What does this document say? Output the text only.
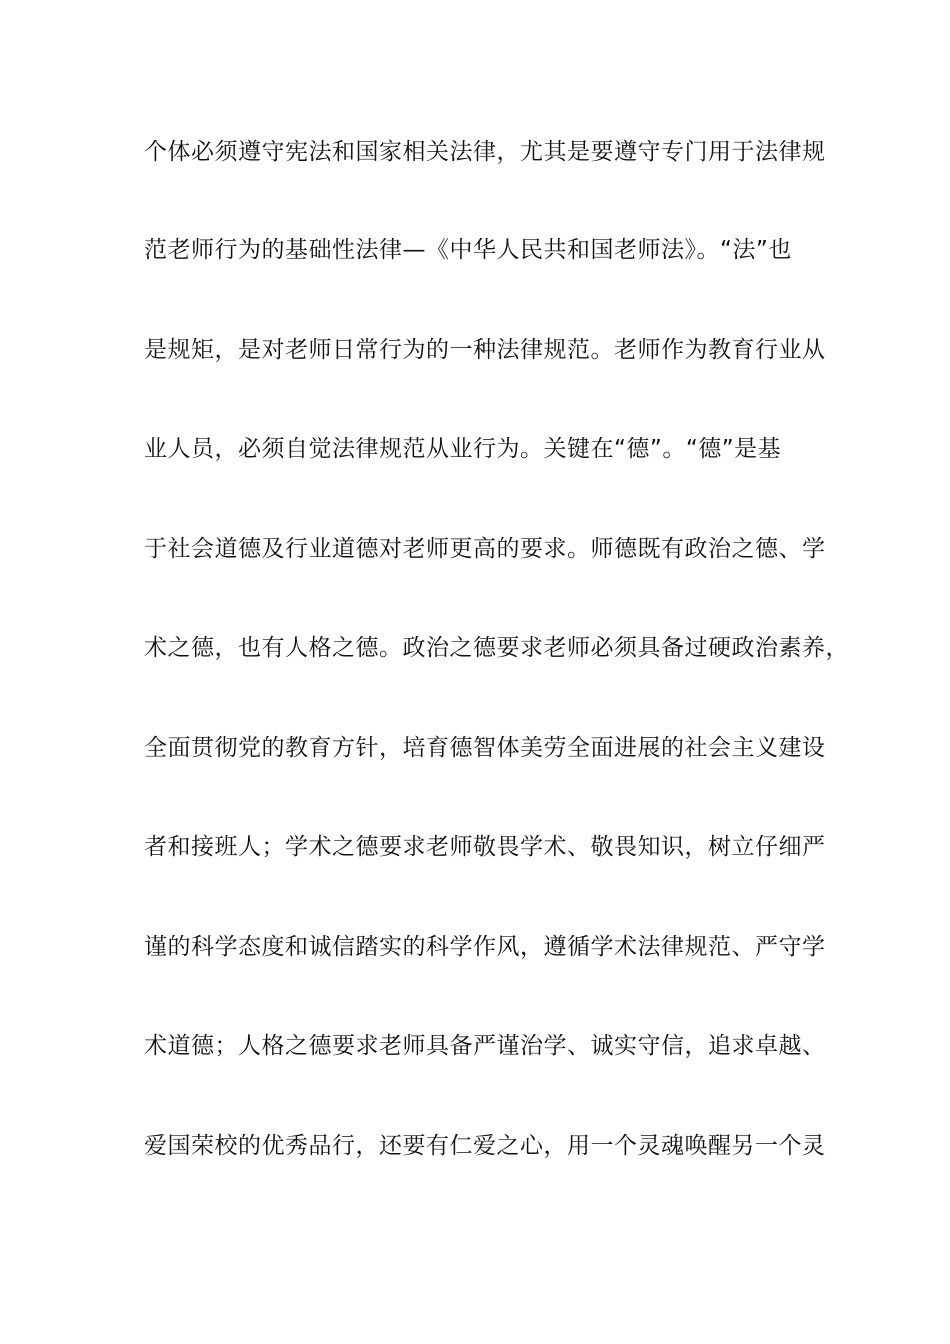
个体必须遵守宪法和国家相关法律，尤其是要遵守专门用于法律规
范老师行为的基础性法律—《中华人民共和国老师法》。“法”也
是规矩，是对老师日常行为的一种法律规范。老师作为教育行业从
业人员，必须自觉法律规范从业行为。关键在“德”。“德”是基
于社会道德及行业道德对老师更高的要求。师德既有政治之德、学
术之德，也有人格之德。政治之德要求老师必须具备过硬政治素养，
全面贯彻党的教育方针，培育德智体美劳全面进展的社会主义建设
者和接班人；学术之德要求老师敬畏学术、敬畏知识，树立仔细严
谨的科学态度和诚信踏实的科学作风，遵循学术法律规范、严守学
术道德；人格之德要求老师具备严谨治学、诚实守信，追求卓越、
爱国荣校的优秀品行，还要有仁爱之心，用一个灵魂唤醒另一个灵
